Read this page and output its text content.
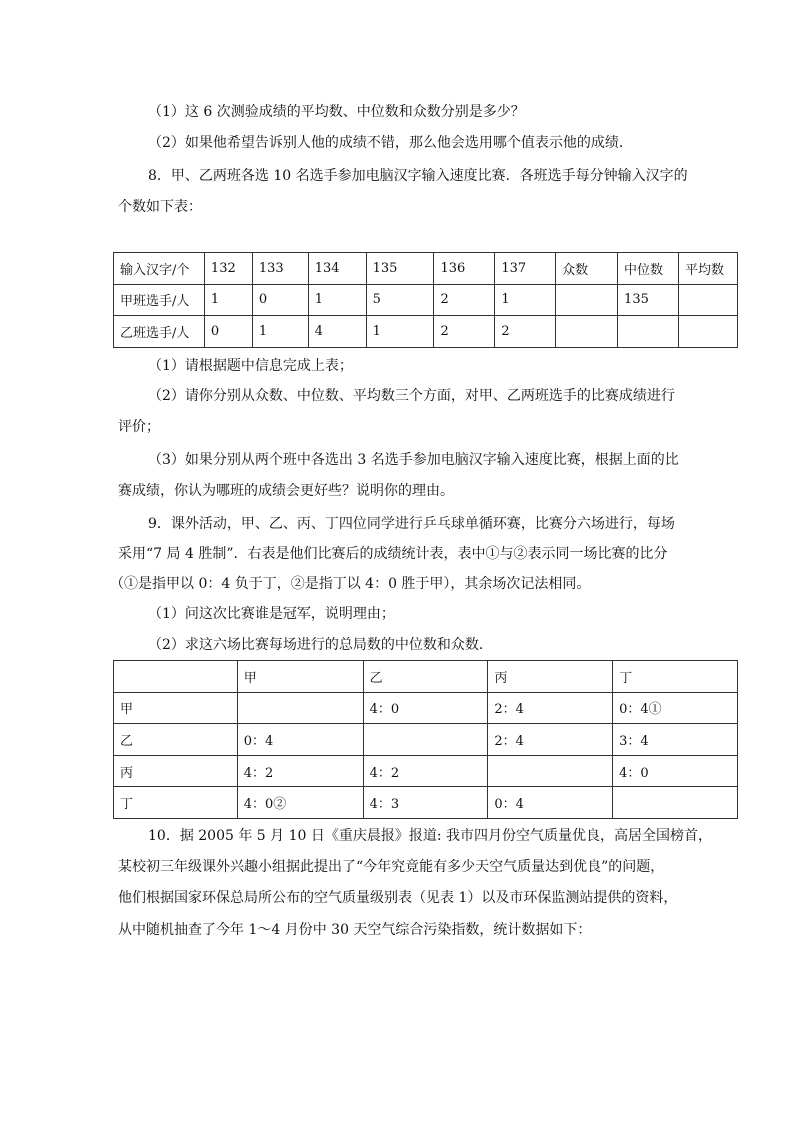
（1）这 6 次测验成绩的平均数、中位数和众数分别是多少？
（2）如果他希望告诉别人他的成绩不错，那么他会选用哪个值表示他的成绩．
8．甲、乙两班各选 10 名选手参加电脑汉字输入速度比赛．各班选手每分钟输入汉字的
个数如下表：
输入汉字/个	132	133	134	135	136	137	众数	中位数	平均数
甲班选手/人	1	0	1	5	2	1		135	
乙班选手/人	0	1	4	1	2	2			
（1）请根据题中信息完成上表；
（2）请你分别从众数、中位数、平均数三个方面，对甲、乙两班选手的比赛成绩进行
评价；
（3）如果分别从两个班中各选出 3 名选手参加电脑汉字输入速度比赛，根据上面的比
赛成绩，你认为哪班的成绩会更好些？说明你的理由。
9．课外活动，甲、乙、丙、丁四位同学进行乒乓球单循环赛，比赛分六场进行，每场
采用“7 局 4 胜制”．右表是他们比赛后的成绩统计表，表中①与②表示同一场比赛的比分
（①是指甲以 0：4 负于丁，②是指丁以 4：0 胜于甲），其余场次记法相同。
（1）问这次比赛谁是冠军，说明理由；
（2）求这六场比赛每场进行的总局数的中位数和众数．
	甲	乙	丙	丁
甲		4：0	2：4	0：4①
乙	0：4		2：4	3：4
丙	4：2	4：2		4：0
丁	4：0②	4：3	0：4	
10．据 2005 年 5 月 10 日《重庆晨报》报道: 我市四月份空气质量优良，高居全国榜首，
某校初三年级课外兴趣小组据此提出了“今年究竟能有多少天空气质量达到优良”的问题，
他们根据国家环保总局所公布的空气质量级别表（见表 1）以及市环保监测站提供的资料，
从中随机抽查了今年 1～4 月份中 30 天空气综合污染指数，统计数据如下：
